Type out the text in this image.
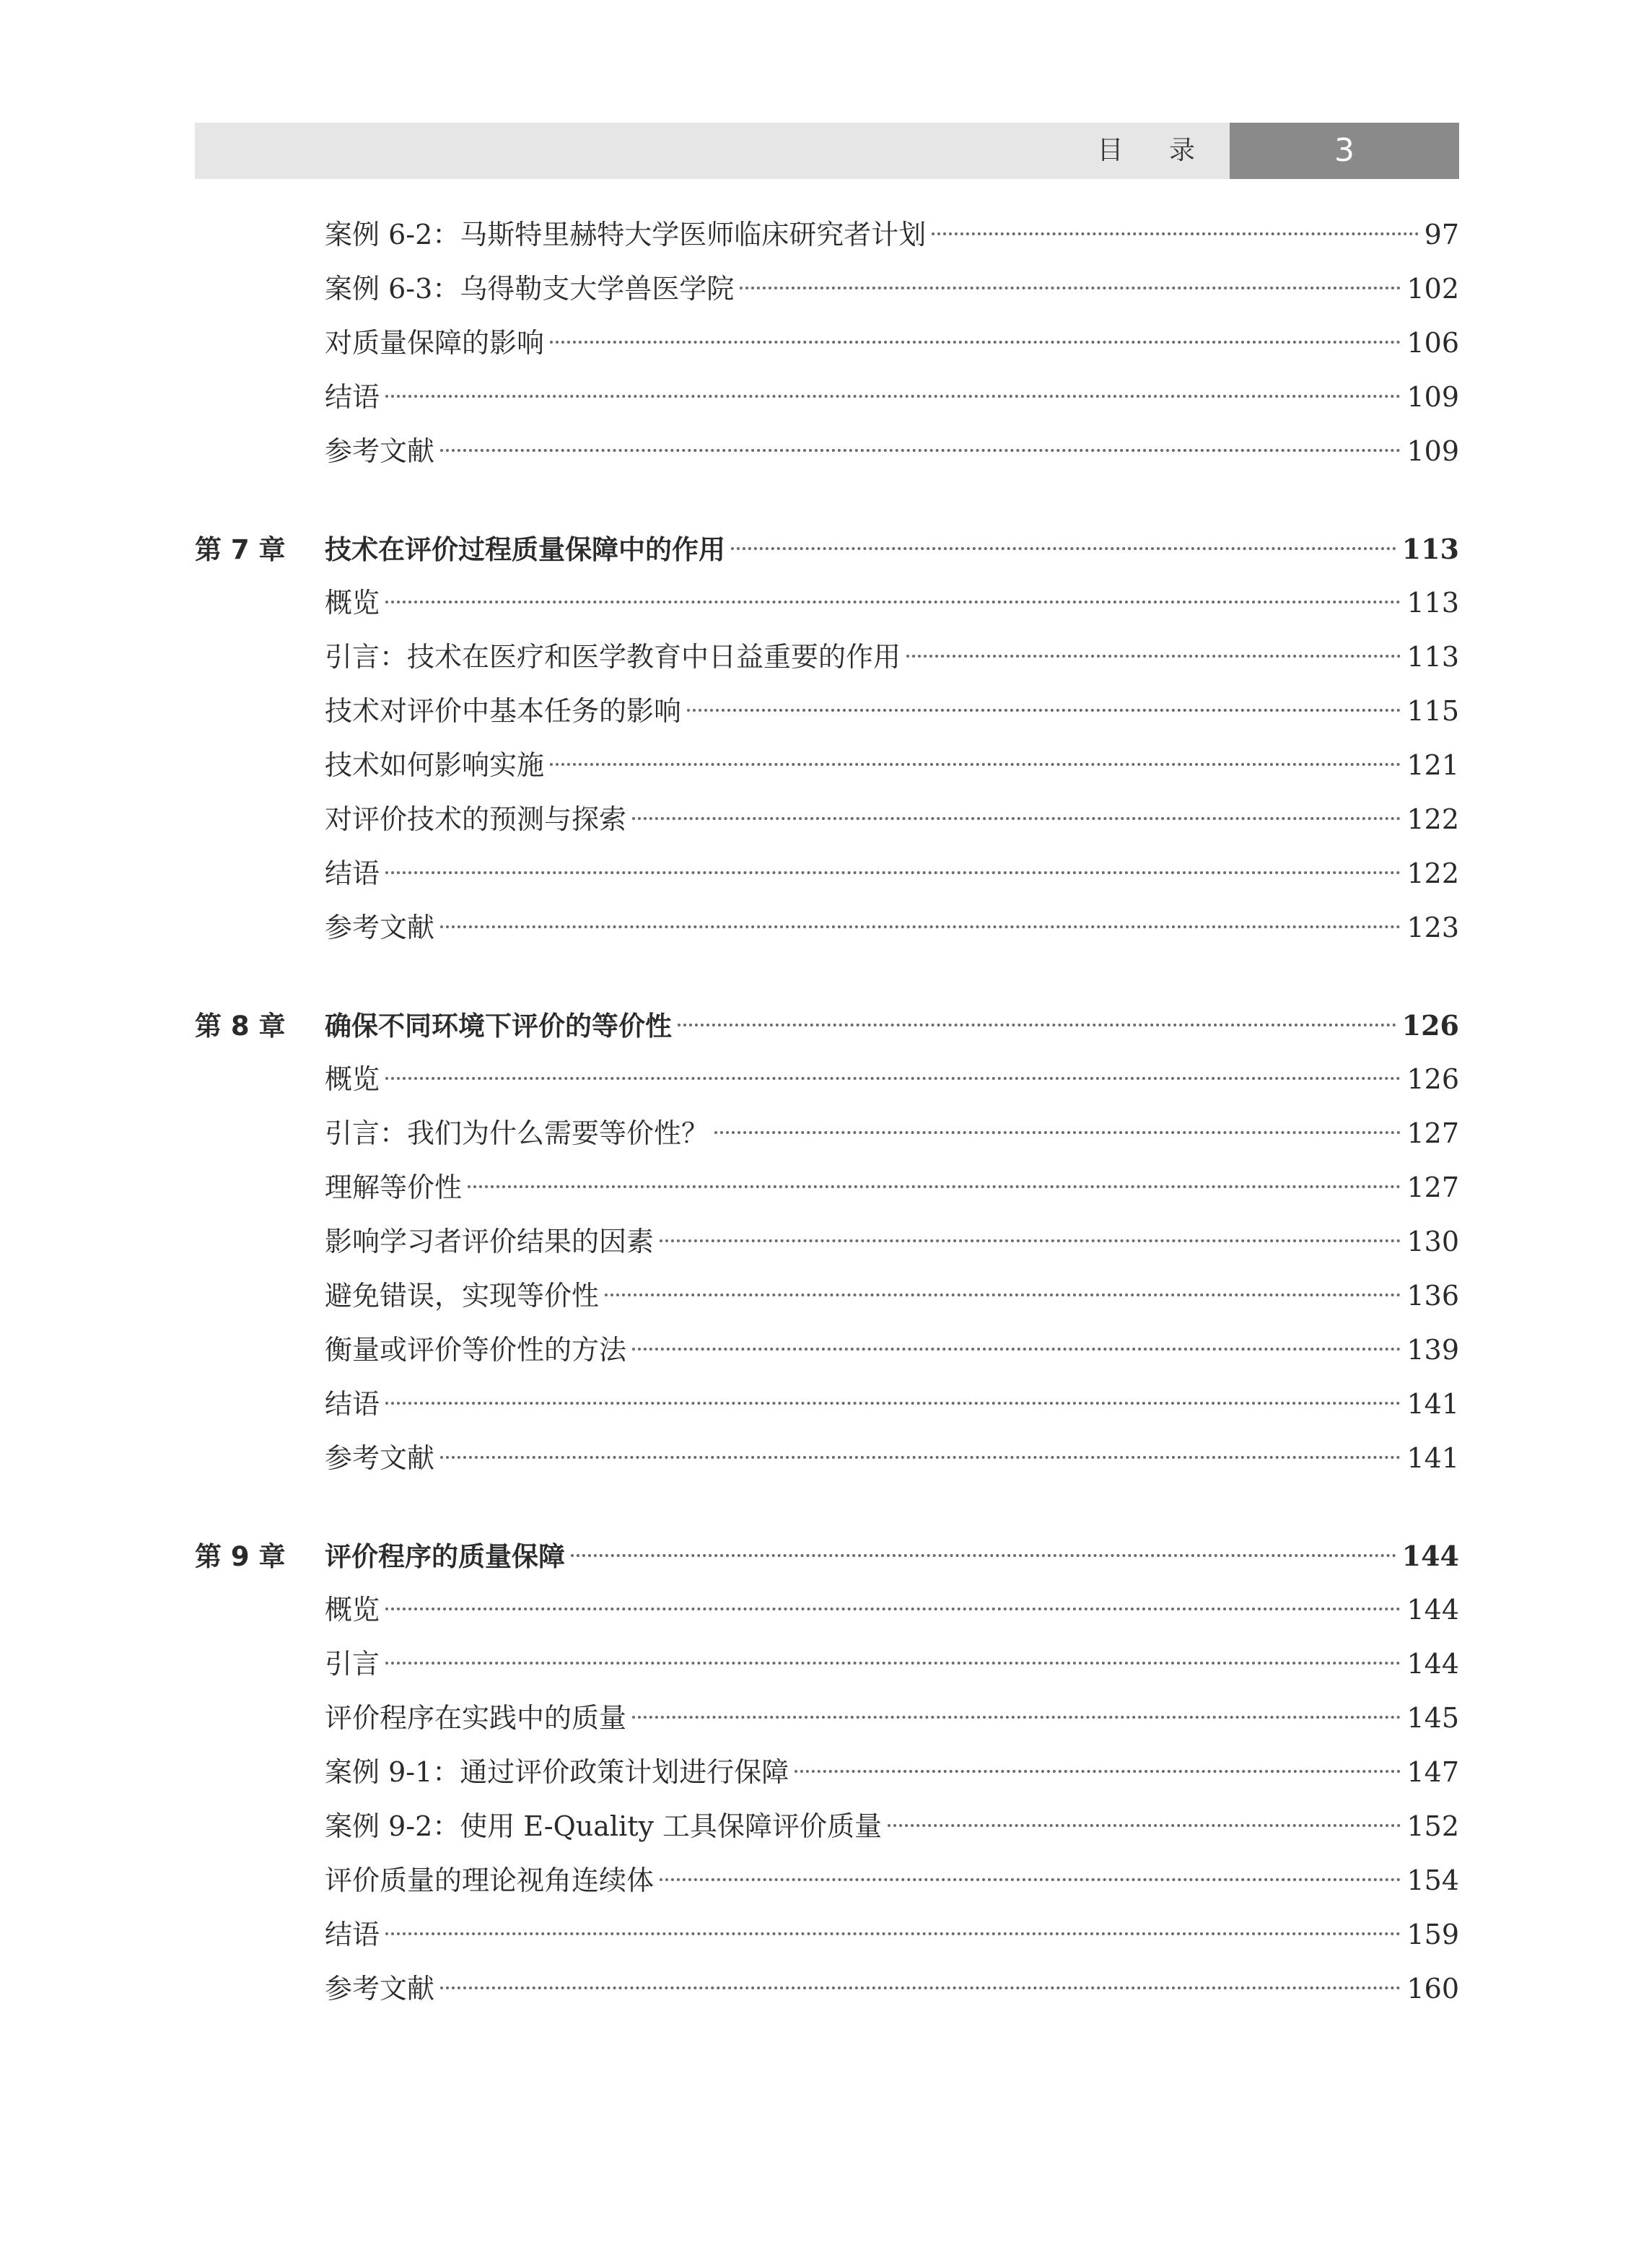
目 录	3
案例 6-2：马斯特里赫特大学医师临床研究者计划	97
案例 6-3：乌得勒支大学兽医学院	102
对质量保障的影响	106
结语	109
参考文献	109
第 7 章	技术在评价过程质量保障中的作用	113
概览	113
引言：技术在医疗和医学教育中日益重要的作用	113
技术对评价中基本任务的影响	115
技术如何影响实施	121
对评价技术的预测与探索	122
结语	122
参考文献	123
第 8 章	确保不同环境下评价的等价性	126
概览	126
引言：我们为什么需要等价性？	127
理解等价性	127
影响学习者评价结果的因素	130
避免错误，实现等价性	136
衡量或评价等价性的方法	139
结语	141
参考文献	141
第 9 章	评价程序的质量保障	144
概览	144
引言	144
评价程序在实践中的质量	145
案例 9-1：通过评价政策计划进行保障	147
案例 9-2：使用 E-Quality 工具保障评价质量	152
评价质量的理论视角连续体	154
结语	159
参考文献	160
